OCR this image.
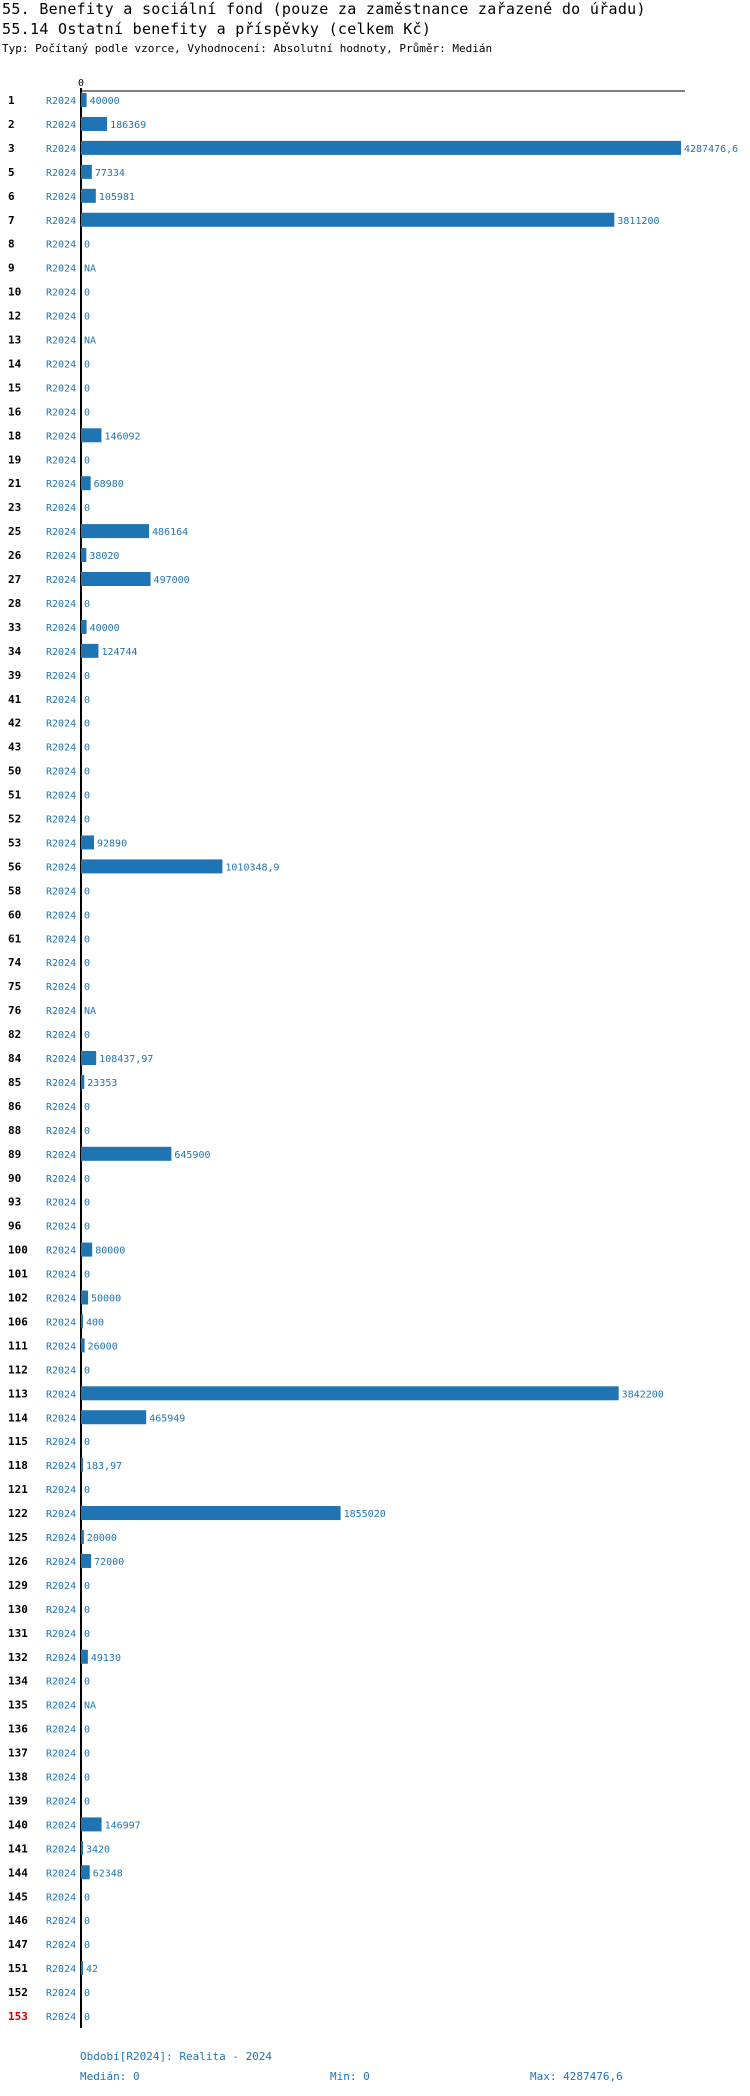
55. Benefity a sociální fond (pouze za zaměstnance zařazené do úřadu)
55.14 Ostatní benefity a příspěvky (celkem Kč)
Typ: Počítaný podle vzorce, Vyhodnocení: Absolutní hodnoty, Průměr: Medián
0
1	R2024 40000
2	R2024	186369
3	R2024	4287476,6
5	R2024 77334
6	R2024 105981
7	R2024	3811200
8	R2024 0
9	R2024 NA
10 R2024 0
12 R2024 0
13 R2024 NA
14 R2024 0
15 R2024 0
16 R2024 0
18 R2024	146092
19 R2024 0
21 R2024 68980
23 R2024 0
25 R2024	486164
26 R2024 38020
27 R2024	497000
28 R2024 0
33 R2024 40000
34 R2024	124744
39 R2024 0
41 R2024 0
42 R2024 0
43 R2024 0
50 R2024 0
51 R2024 0
52 R2024 0
53 R2024 92890
56 R2024	1010348,9
58 R2024 0
60 R2024 0
61 R2024 0
74 R2024 0
75 R2024 0
76 R2024 NA
82 R2024 0
84 R2024 108437,97
85 R2024 23353
86 R2024 0
88 R2024 0
89 R2024	645900
90 R2024 0
93 R2024 0
96 R2024 0
100 R2024 80000
101 R2024 0
102 R2024 50000
106 R2024 400
111 R2024 26000
112 R2024 0
113 R2024	3842200
114 R2024	465949
115 R2024 0
118 R2024 183,97
121 R2024 0
122 R2024	1855020
125 R2024 20000
126 R2024 72000
129 R2024 0
130 R2024 0
131 R2024 0
132 R2024 49130
134 R2024 0
135 R2024 NA
136 R2024 0
137 R2024 0
138 R2024 0
139 R2024 0
140 R2024	146997
141 R2024 3420
144 R2024 62348
145 R2024 0
146 R2024 0
147 R2024 0
151 R2024 42
152 R2024 0
153 R2024 0
Období[R2024]: Realita - 2024
Medián: 0	Min: 0	Max: 4287476,6
